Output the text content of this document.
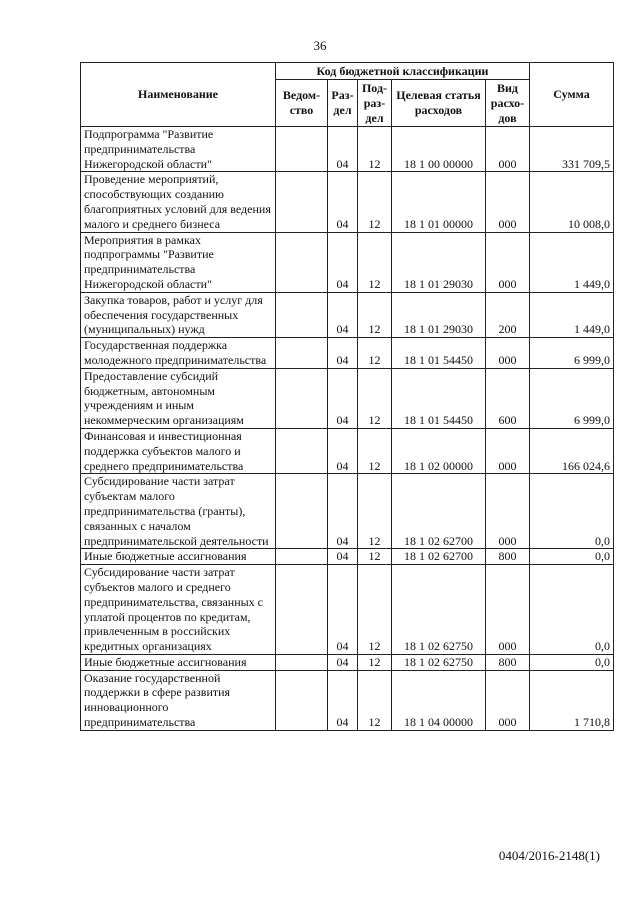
36
Наименование	Код бюджетной классификации					Сумма
	Ведом-ство	Раз-дел	Под-раз-дел	Целевая статья расходов	Вид расхо-дов	
Подпрограмма "Развитие предпринимательства Нижегородской области"		04	12	18 1 00 00000	000	331 709,5
Проведение мероприятий, способствующих созданию благоприятных условий для ведения малого и среднего бизнеса		04	12	18 1 01 00000	000	10 008,0
Мероприятия в рамках подпрограммы "Развитие предпринимательства Нижегородской области"		04	12	18 1 01 29030	000	1 449,0
Закупка товаров, работ и услуг для обеспечения государственных (муниципальных) нужд		04	12	18 1 01 29030	200	1 449,0
Государственная поддержка молодежного предпринимательства		04	12	18 1 01 54450	000	6 999,0
Предоставление субсидий бюджетным, автономным учреждениям и иным некоммерческим организациям		04	12	18 1 01 54450	600	6 999,0
Финансовая и инвестиционная поддержка субъектов малого и среднего предпринимательства		04	12	18 1 02 00000	000	166 024,6
Субсидирование части затрат субъектам малого предпринимательства (гранты), связанных с началом предпринимательской деятельности		04	12	18 1 02 62700	000	0,0
Иные бюджетные ассигнования		04	12	18 1 02 62700	800	0,0
Субсидирование части затрат субъектов малого и среднего предпринимательства, связанных с уплатой процентов по кредитам, привлеченным в российских кредитных организациях		04	12	18 1 02 62750	000	0,0
Иные бюджетные ассигнования		04	12	18 1 02 62750	800	0,0
Оказание государственной поддержки в сфере развития инновационного предпринимательства		04	12	18 1 04 00000	000	1 710,8
0404/2016-2148(1)
